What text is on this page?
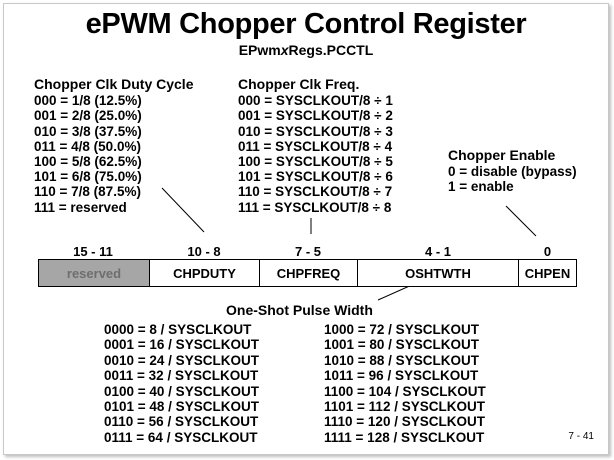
ePWM Chopper Control Register
EPwmxRegs.PCCTL
Chopper Clk Duty Cycle
000 = 1/8 (12.5%)
001 = 2/8 (25.0%)
010 = 3/8 (37.5%)
011 = 4/8 (50.0%)
100 = 5/8 (62.5%)
101 = 6/8 (75.0%)
110 = 7/8 (87.5%)
111 = reserved
Chopper Clk Freq.
000 = SYSCLKOUT/8 ÷ 1
001 = SYSCLKOUT/8 ÷ 2
010 = SYSCLKOUT/8 ÷ 3
011 = SYSCLKOUT/8 ÷ 4
100 = SYSCLKOUT/8 ÷ 5
101 = SYSCLKOUT/8 ÷ 6
110 = SYSCLKOUT/8 ÷ 7
111 = SYSCLKOUT/8 ÷ 8
Chopper Enable
0 = disable (bypass)
1 = enable
15 - 11	10 - 8	7 - 5	4 - 1	0
reserved	CHPDUTY	CHPFREQ	OSHTWTH	CHPEN
One-Shot Pulse Width
0000 = 8 / SYSCLKOUT
0001 = 16 / SYSCLKOUT
0010 = 24 / SYSCLKOUT
0011 = 32 / SYSCLKOUT
0100 = 40 / SYSCLKOUT
0101 = 48 / SYSCLKOUT
0110 = 56 / SYSCLKOUT
0111 = 64 / SYSCLKOUT
1000 = 72 / SYSCLKOUT
1001 = 80 / SYSCLKOUT
1010 = 88 / SYSCLKOUT
1011 = 96 / SYSCLKOUT
1100 = 104 / SYSCLKOUT
1101 = 112 / SYSCLKOUT
1110 = 120 / SYSCLKOUT
1111 = 128 / SYSCLKOUT	7 - 41
